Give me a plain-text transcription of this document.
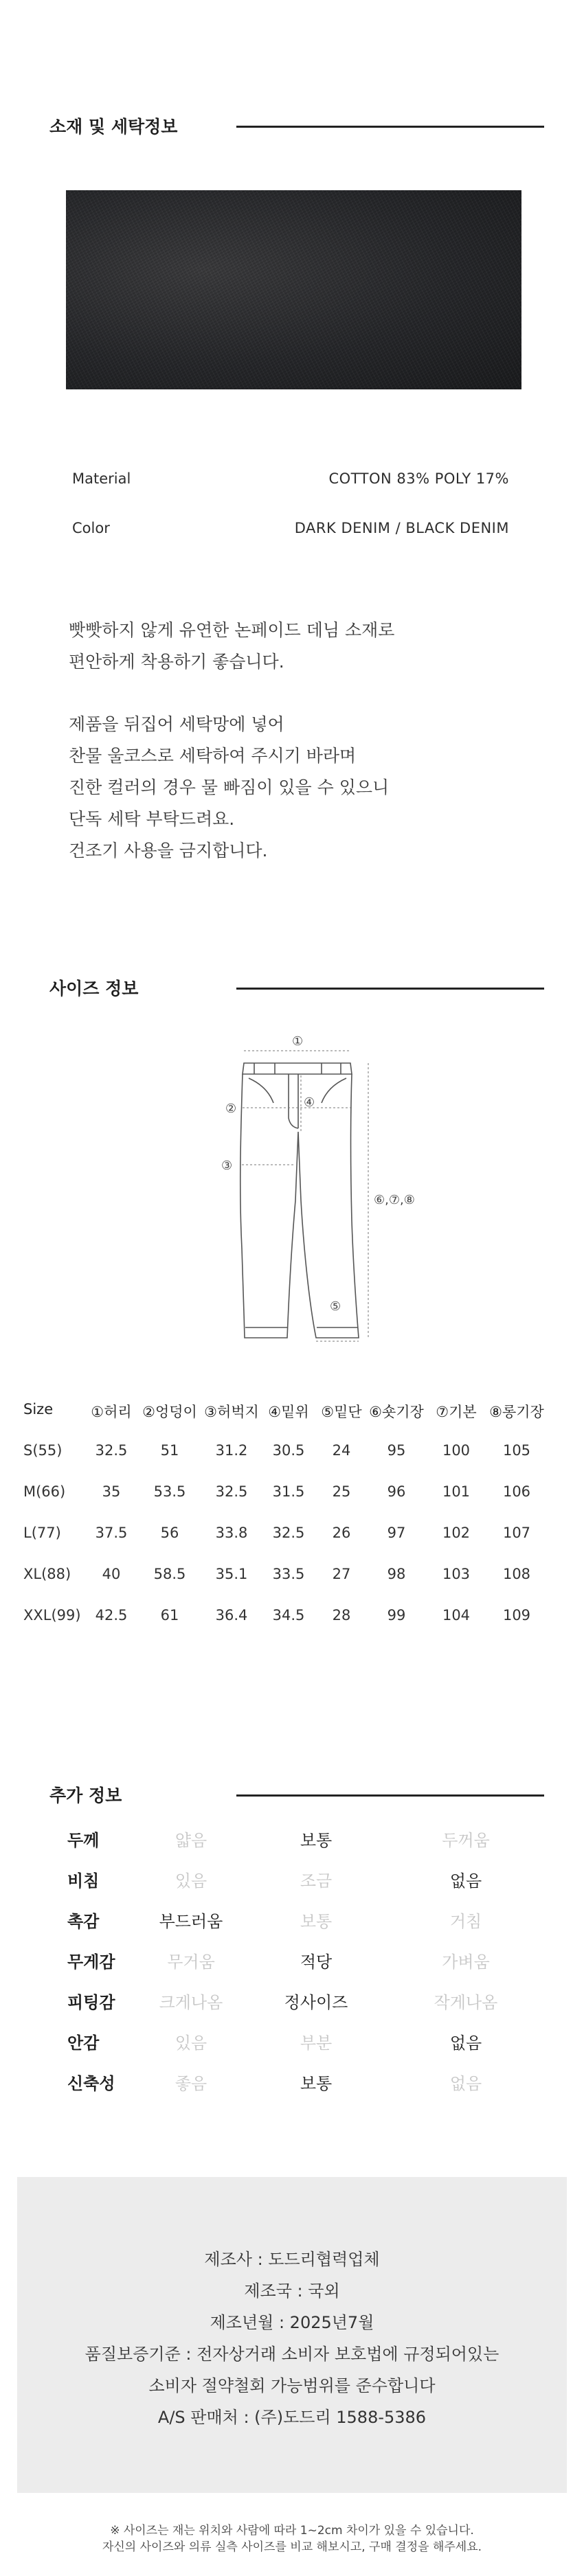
소재 및 세탁정보
Material	COTTON 83% POLY 17%
Color	DARK DENIM / BLACK DENIM
빳빳하지 않게 유연한 논페이드 데님 소재로
편안하게 착용하기 좋습니다.
제품을 뒤집어 세탁망에 넣어
찬물 울코스로 세탁하여 주시기 바라며
진한 컬러의 경우 물 빠짐이 있을 수 있으니
단독 세탁 부탁드려요.
건조기 사용을 금지합니다.
사이즈 정보
①
②
③
④
⑤
⑥,⑦,⑧
Size	①허리 ②엉덩이 ③허벅지 ④밑위 ⑤밑단 ⑥숏기장 ⑦기본 ⑧롱기장
S(55)	32.5	51	31.2	30.5	24	95	100	105
M(66)	35	53.5	32.5	31.5	25	96	101	106
L(77)	37.5	56	33.8	32.5	26	97	102	107
XL(88)	40	58.5	35.1	33.5	27	98	103	108
XXL(99)	42.5	61	36.4	34.5	28	99	104	109
추가 정보
두께	얇음	보통	두꺼움
비침	있음	조금	없음
촉감	부드러움	보통	거침
무게감	무거움	적당	가벼움
피팅감	크게나옴	정사이즈	작게나옴
안감	있음	부분	없음
신축성	좋음	보통	없음
제조사 : 도드리협력업체
제조국 : 국외
제조년월 : 2025년7월
품질보증기준 : 전자상거래 소비자 보호법에 규정되어있는
소비자 절약철회 가능범위를 준수합니다
A/S 판매처 : (주)도드리 1588-5386
※ 사이즈는 재는 위치와 사람에 따라 1~2cm 차이가 있을 수 있습니다.
자신의 사이즈와 의류 실측 사이즈를 비교 해보시고, 구매 결정을 해주세요.
